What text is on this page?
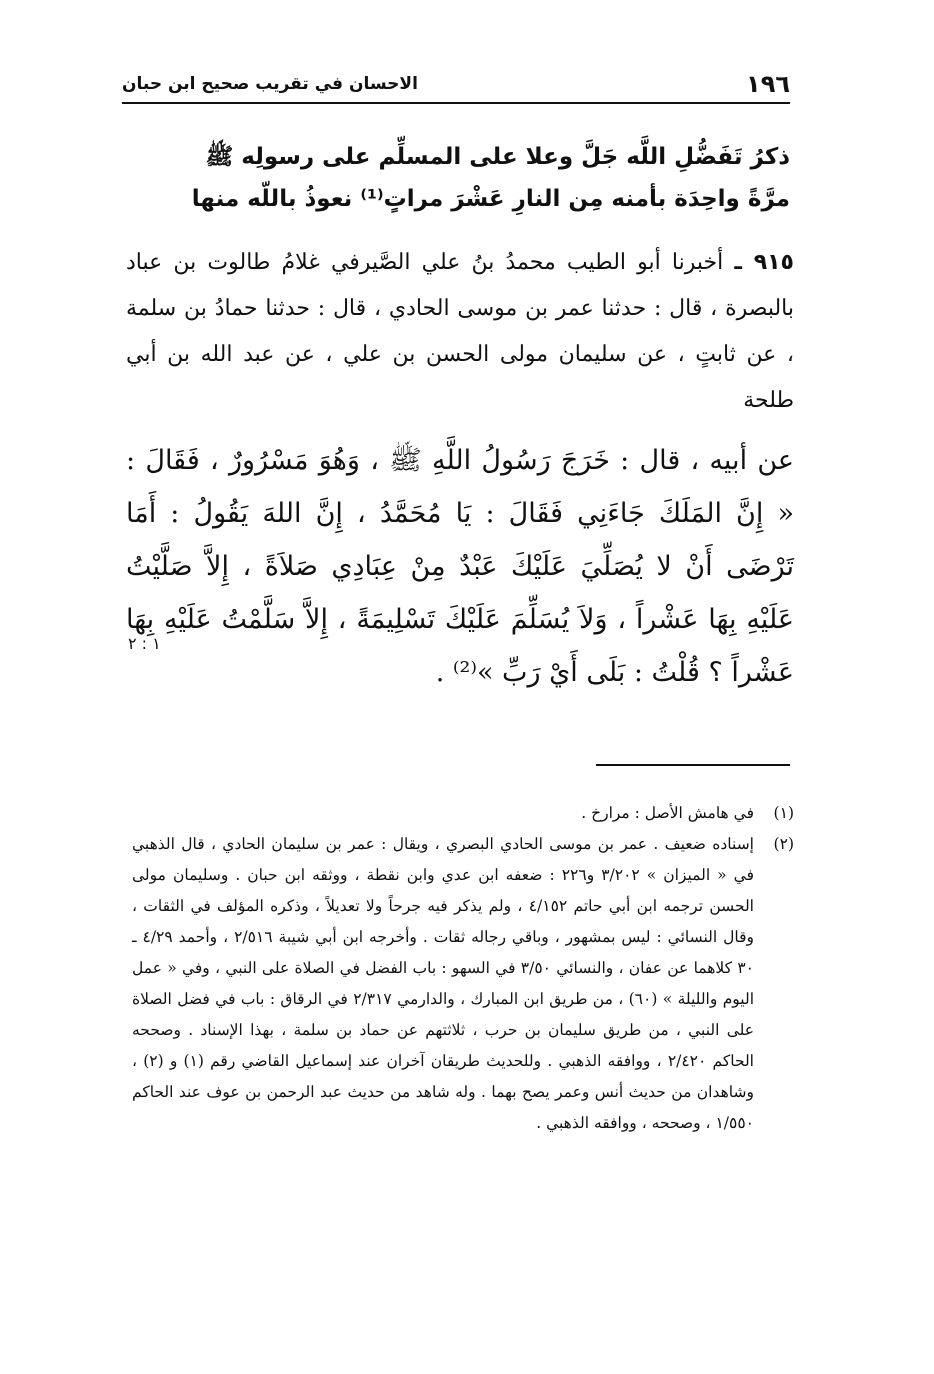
١٩٦
الاحسان في تقريب صحيح ابن حبان
ذكرُ تَفَضُّلِ اللَّه جَلَّ وعلا على المسلِّم على رسولِه ﷺ
مرَّةً واحِدَة بأمنه مِن النارِ عَشْرَ مراتٍ⁽¹⁾ نعوذُ باللّه منها
٩١٥ ـ أخبرنا أبو الطيب محمدُ بنُ علي الصَّيرفي غلامُ طالوت بن عباد بالبصرة ، قال : حدثنا عمر بن موسى الحادي ، قال : حدثنا حمادُ بن سلمة ، عن ثابتٍ ، عن سليمان مولى الحسن بن علي ، عن عبد الله بن أبي طلحة
عن أبيه ، قال : خَرَجَ رَسُولُ اللَّهِ ﷺ ، وَهُوَ مَسْرُورٌ ، فَقَالَ : « إِنَّ المَلَكَ جَاءَنِي فَقَالَ : يَا مُحَمَّدُ ، إِنَّ اللهَ يَقُولُ : أَمَا تَرْضَى أَنْ لا يُصَلِّيَ عَلَيْكَ عَبْدٌ مِنْ عِبَادِي صَلاَةً ، إِلاَّ صَلَّيْتُ عَلَيْهِ بِهَا عَشْراً ، وَلاَ يُسَلِّمَ عَلَيْكَ تَسْلِيمَةً ، إِلاَّ سَلَّمْتُ عَلَيْهِ بِهَا عَشْراً ؟ قُلْتُ : بَلَى أَيْ رَبِّ »⁽²⁾ .
١ : ٢
(١)
في هامش الأصل : مرارخ .
(٢)
إسناده ضعيف . عمر بن موسى الحادي البصري ، ويقال : عمر بن سليمان الحادي ، قال الذهبي في « الميزان » ٣/٢٠٢ و٢٢٦ : ضعفه ابن عدي وابن نقطة ، ووثقه ابن حبان . وسليمان مولى الحسن ترجمه ابن أبي حاتم ٤/١٥٢ ، ولم يذكر فيه جرحاً ولا تعديلاً ، وذكره المؤلف في الثقات ، وقال النسائي : ليس بمشهور ، وباقي رجاله ثقات . وأخرجه ابن أبي شيبة ٢/٥١٦ ، وأحمد ٤/٢٩ ـ ٣٠ كلاهما عن عفان ، والنسائي ٣/٥٠ في السهو : باب الفضل في الصلاة على النبي ، وفي « عمل اليوم والليلة » (٦٠) ، من طريق ابن المبارك ، والدارمي ٢/٣١٧ في الرقاق : باب في فضل الصلاة على النبي ، من طريق سليمان بن حرب ، ثلاثتهم عن حماد بن سلمة ، بهذا الإسناد . وصححه الحاكم ٢/٤٢٠ ، ووافقه الذهبي . وللحديث طريقان آخران عند إسماعيل القاضي رقم (١) و (٢) ، وشاهدان من حديث أنس وعمر يصح بهما . وله شاهد من حديث عبد الرحمن بن عوف عند الحاكم ١/٥٥٠ ، وصححه ، ووافقه الذهبي .
